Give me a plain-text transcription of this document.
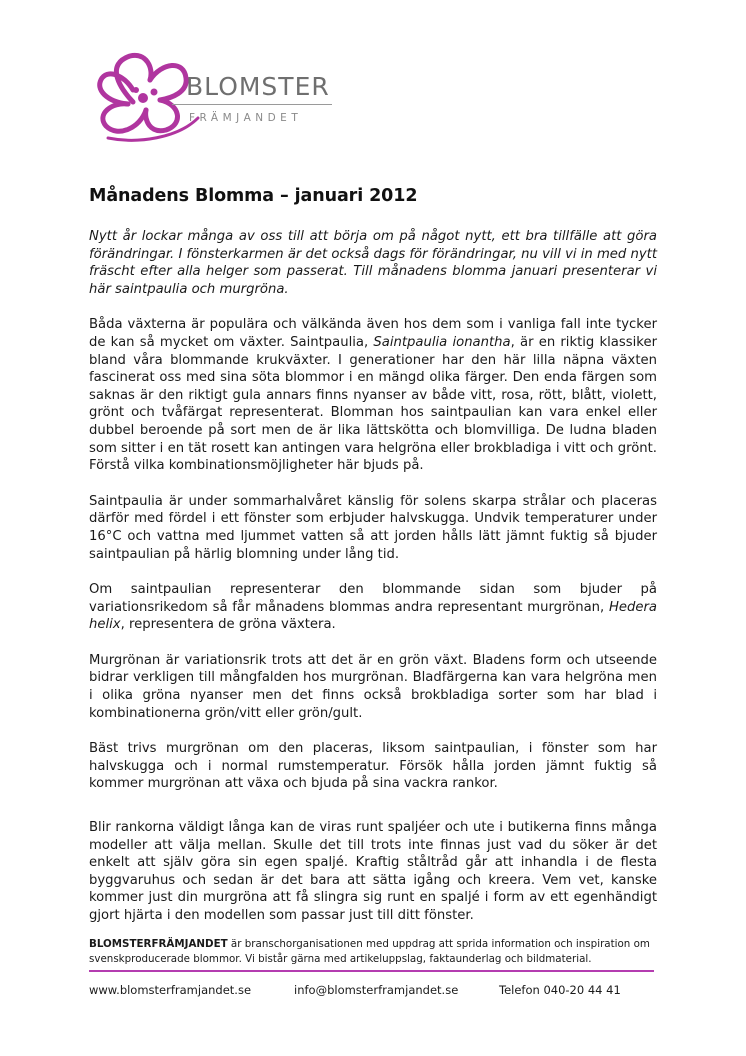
BLOMSTER
FRÄMJANDET
Månadens Blomma – januari 2012

Nytt år lockar många av oss till att börja om på något nytt, ett bra tillfälle att göra förändringar. I fönsterkarmen är det också dags för förändringar, nu vill vi in med nytt fräscht efter alla helger som passerat. Till månadens blomma januari presenterar vi här saintpaulia och murgröna.

Båda växterna är populära och välkända även hos dem som i vanliga fall inte tycker de kan så mycket om växter. Saintpaulia, Saintpaulia ionantha, är en riktig klassiker bland våra blommande krukväxter. I generationer har den här lilla näpna växten fascinerat oss med sina söta blommor i en mängd olika färger. Den enda färgen som saknas är den riktigt gula annars finns nyanser av både vitt, rosa, rött, blått, violett, grönt och tvåfärgat representerat. Blomman hos saintpaulian kan vara enkel eller dubbel beroende på sort men de är lika lättskötta och blomvilliga. De ludna bladen som sitter i en tät rosett kan antingen vara helgröna eller brokbladiga i vitt och grönt. Förstå vilka kombinationsmöjligheter här bjuds på.

Saintpaulia är under sommarhalvåret känslig för solens skarpa strålar och placeras därför med fördel i ett fönster som erbjuder halvskugga. Undvik temperaturer under 16°C och vattna med ljummet vatten så att jorden hålls lätt jämnt fuktig så bjuder saintpaulian på härlig blomning under lång tid.

Om saintpaulian representerar den blommande sidan som bjuder på variationsrikedom så får månadens blommas andra representant murgrönan, Hedera helix, representera de gröna växtera.

Murgrönan är variationsrik trots att det är en grön växt. Bladens form och utseende bidrar verkligen till mångfalden hos murgrönan. Bladfärgerna kan vara helgröna men i olika gröna nyanser men det finns också brokbladiga sorter som har blad i kombinationerna grön/vitt eller grön/gult.

Bäst trivs murgrönan om den placeras, liksom saintpaulian, i fönster som har halvskugga och i normal rumstemperatur. Försök hålla jorden jämnt fuktig så kommer murgrönan att växa och bjuda på sina vackra rankor.

Blir rankorna väldigt långa kan de viras runt spaljéer och ute i butikerna finns många modeller att välja mellan. Skulle det till trots inte finnas just vad du söker är det enkelt att själv göra sin egen spaljé. Kraftig ståltråd går att inhandla i de flesta byggvaruhus och sedan är det bara att sätta igång och kreera. Vem vet, kanske kommer just din murgröna att få slingra sig runt en spaljé i form av ett egenhändigt gjort hjärta i den modellen som passar just till ditt fönster.

BLOMSTERFRÄMJANDET är branschorganisationen med uppdrag att sprida information och inspiration om svenskproducerade blommor. Vi bistår gärna med artikeluppslag, faktaunderlag och bildmaterial.
www.blomsterframjandet.se	info@blomsterframjandet.se	Telefon 040-20 44 41
